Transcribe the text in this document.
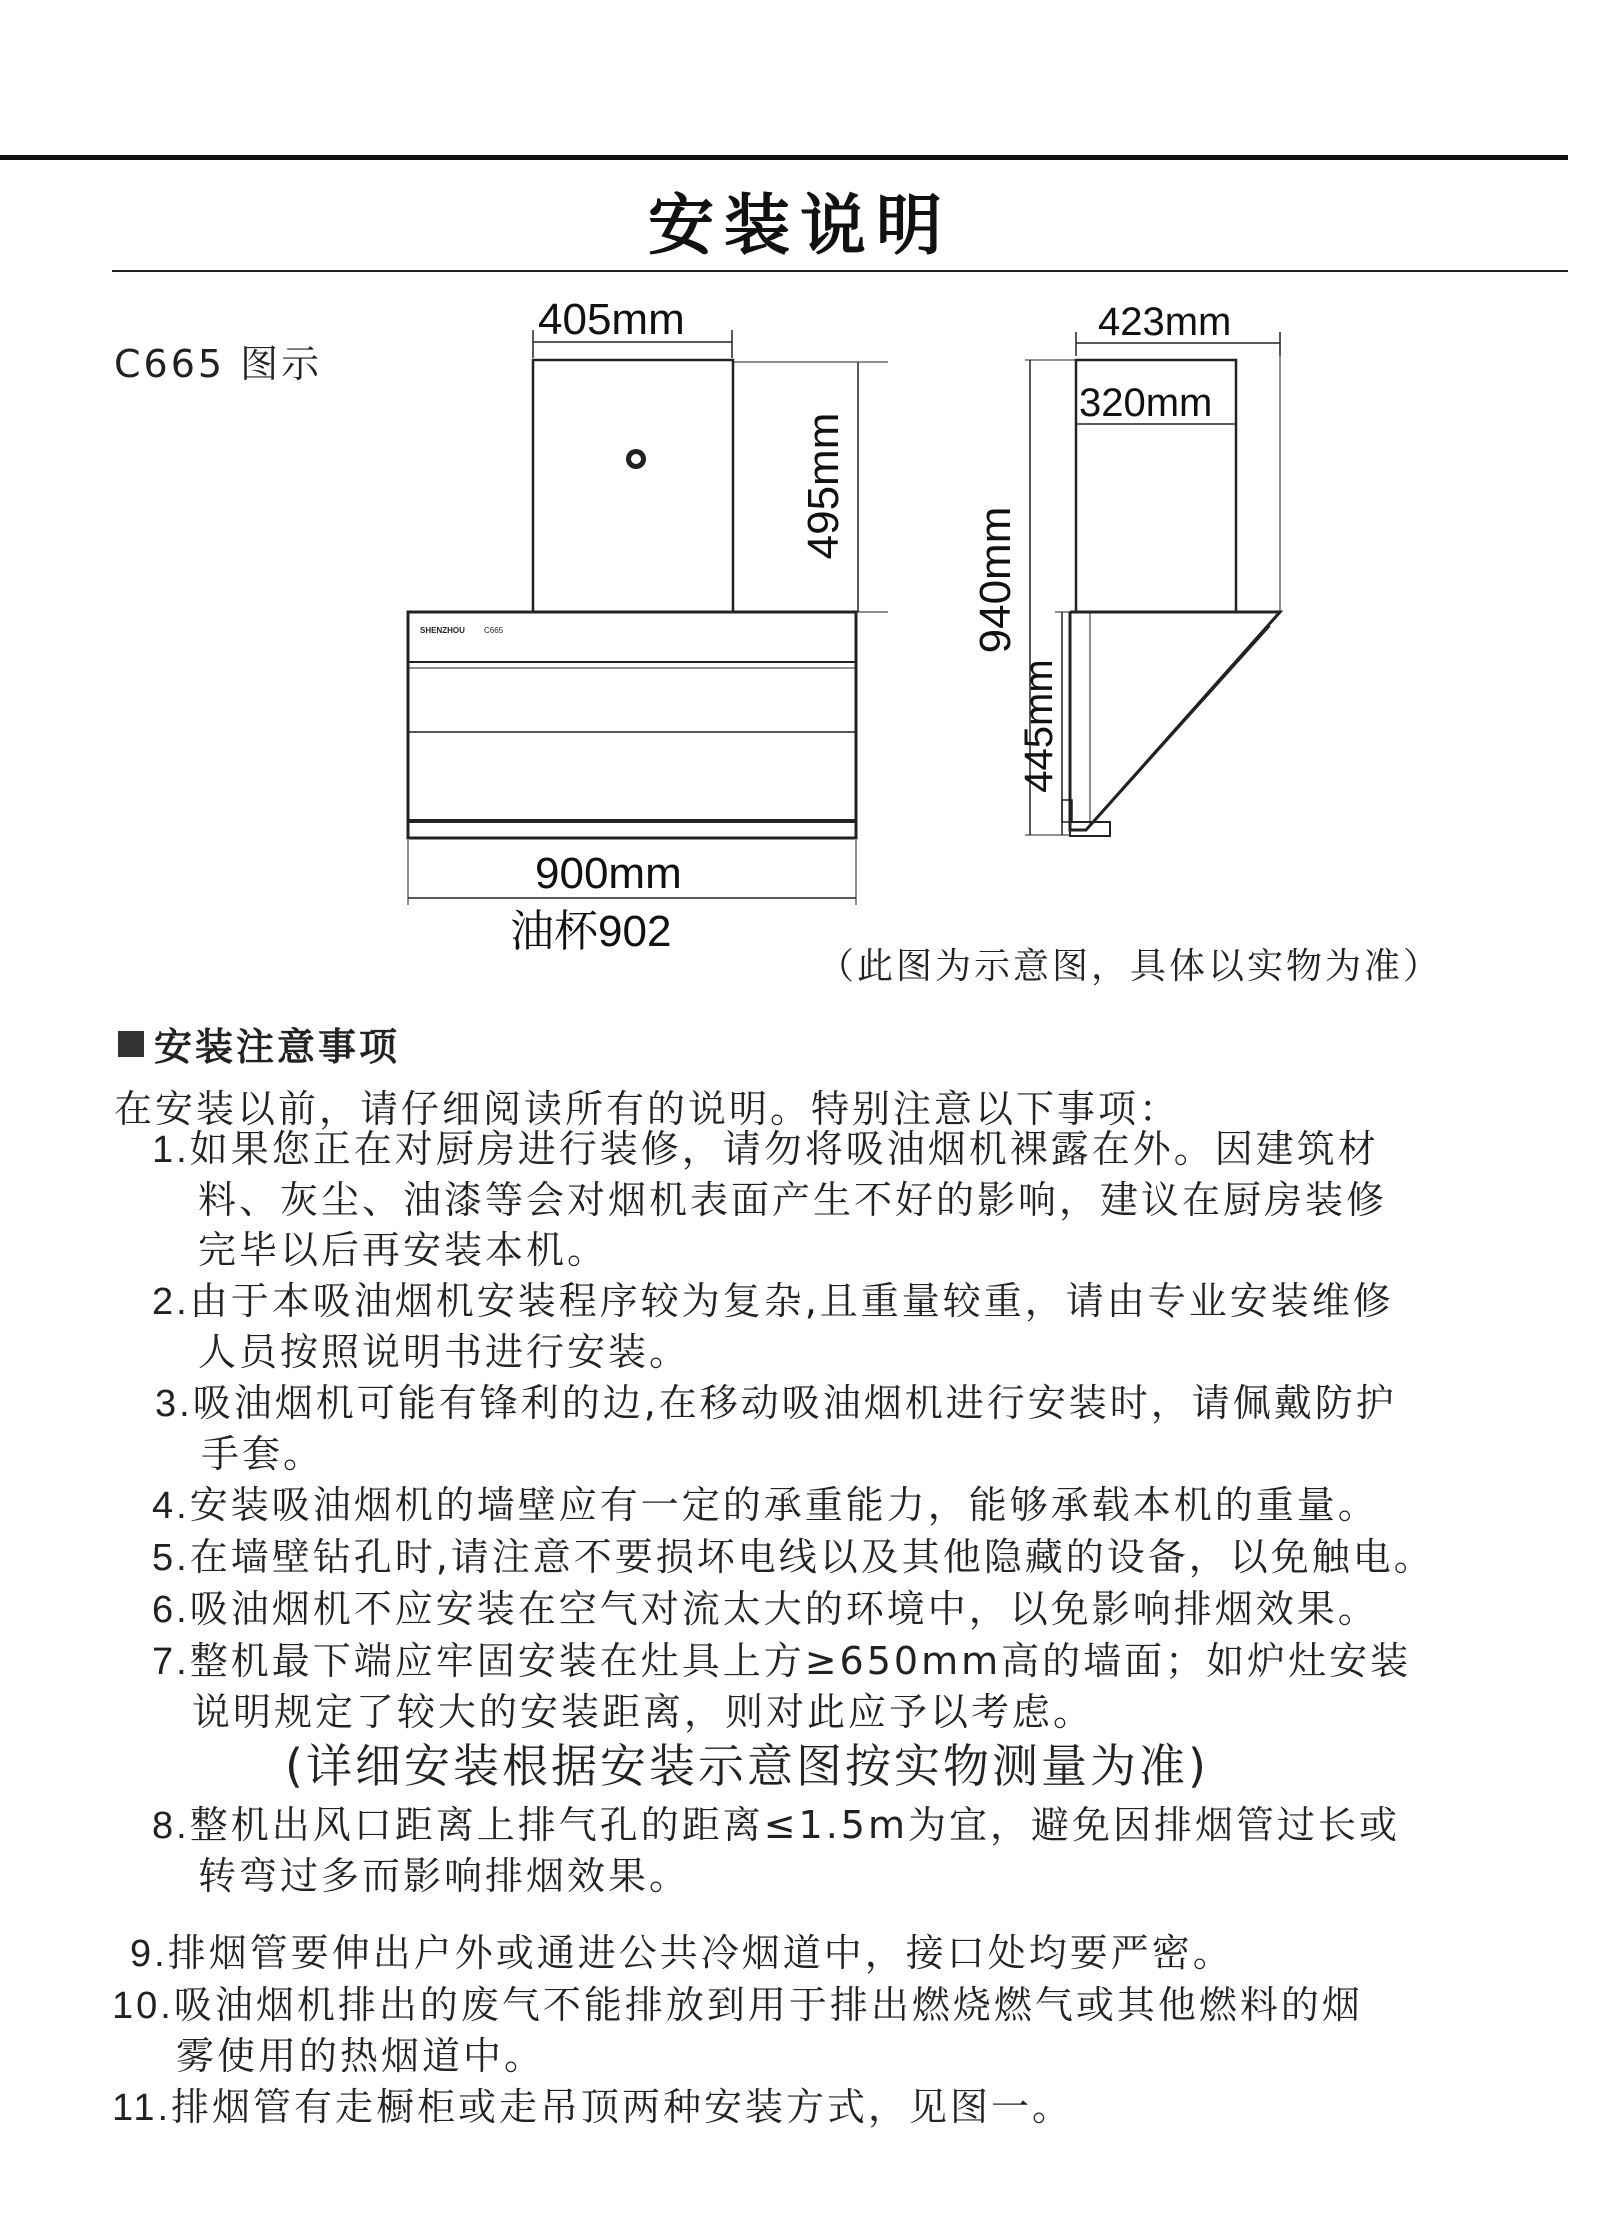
安装说明
C665 图示
SHENZHOU C665
405mm
495mm
900mm
油杯902
423mm
320mm
940mm
445mm
（此图为示意图，具体以实物为准）
安装注意事项
在安装以前，请仔细阅读所有的说明。特别注意以下事项：
1.如果您正在对厨房进行装修，请勿将吸油烟机裸露在外。因建筑材
料、灰尘、油漆等会对烟机表面产生不好的影响，建议在厨房装修
完毕以后再安装本机。
2.由于本吸油烟机安装程序较为复杂,且重量较重，请由专业安装维修
人员按照说明书进行安装。
3.吸油烟机可能有锋利的边,在移动吸油烟机进行安装时，请佩戴防护
手套。
4.安装吸油烟机的墙壁应有一定的承重能力，能够承载本机的重量。
5.在墙壁钻孔时,请注意不要损坏电线以及其他隐藏的设备，以免触电。
6.吸油烟机不应安装在空气对流太大的环境中，以免影响排烟效果。
7.整机最下端应牢固安装在灶具上方≥650mm高的墙面；如炉灶安装
说明规定了较大的安装距离，则对此应予以考虑。
(详细安装根据安装示意图按实物测量为准)
8.整机出风口距离上排气孔的距离≤1.5m为宜，避免因排烟管过长或
转弯过多而影响排烟效果。
9.排烟管要伸出户外或通进公共冷烟道中，接口处均要严密。
10.吸油烟机排出的废气不能排放到用于排出燃烧燃气或其他燃料的烟
雾使用的热烟道中。
11.排烟管有走橱柜或走吊顶两种安装方式，见图一。
